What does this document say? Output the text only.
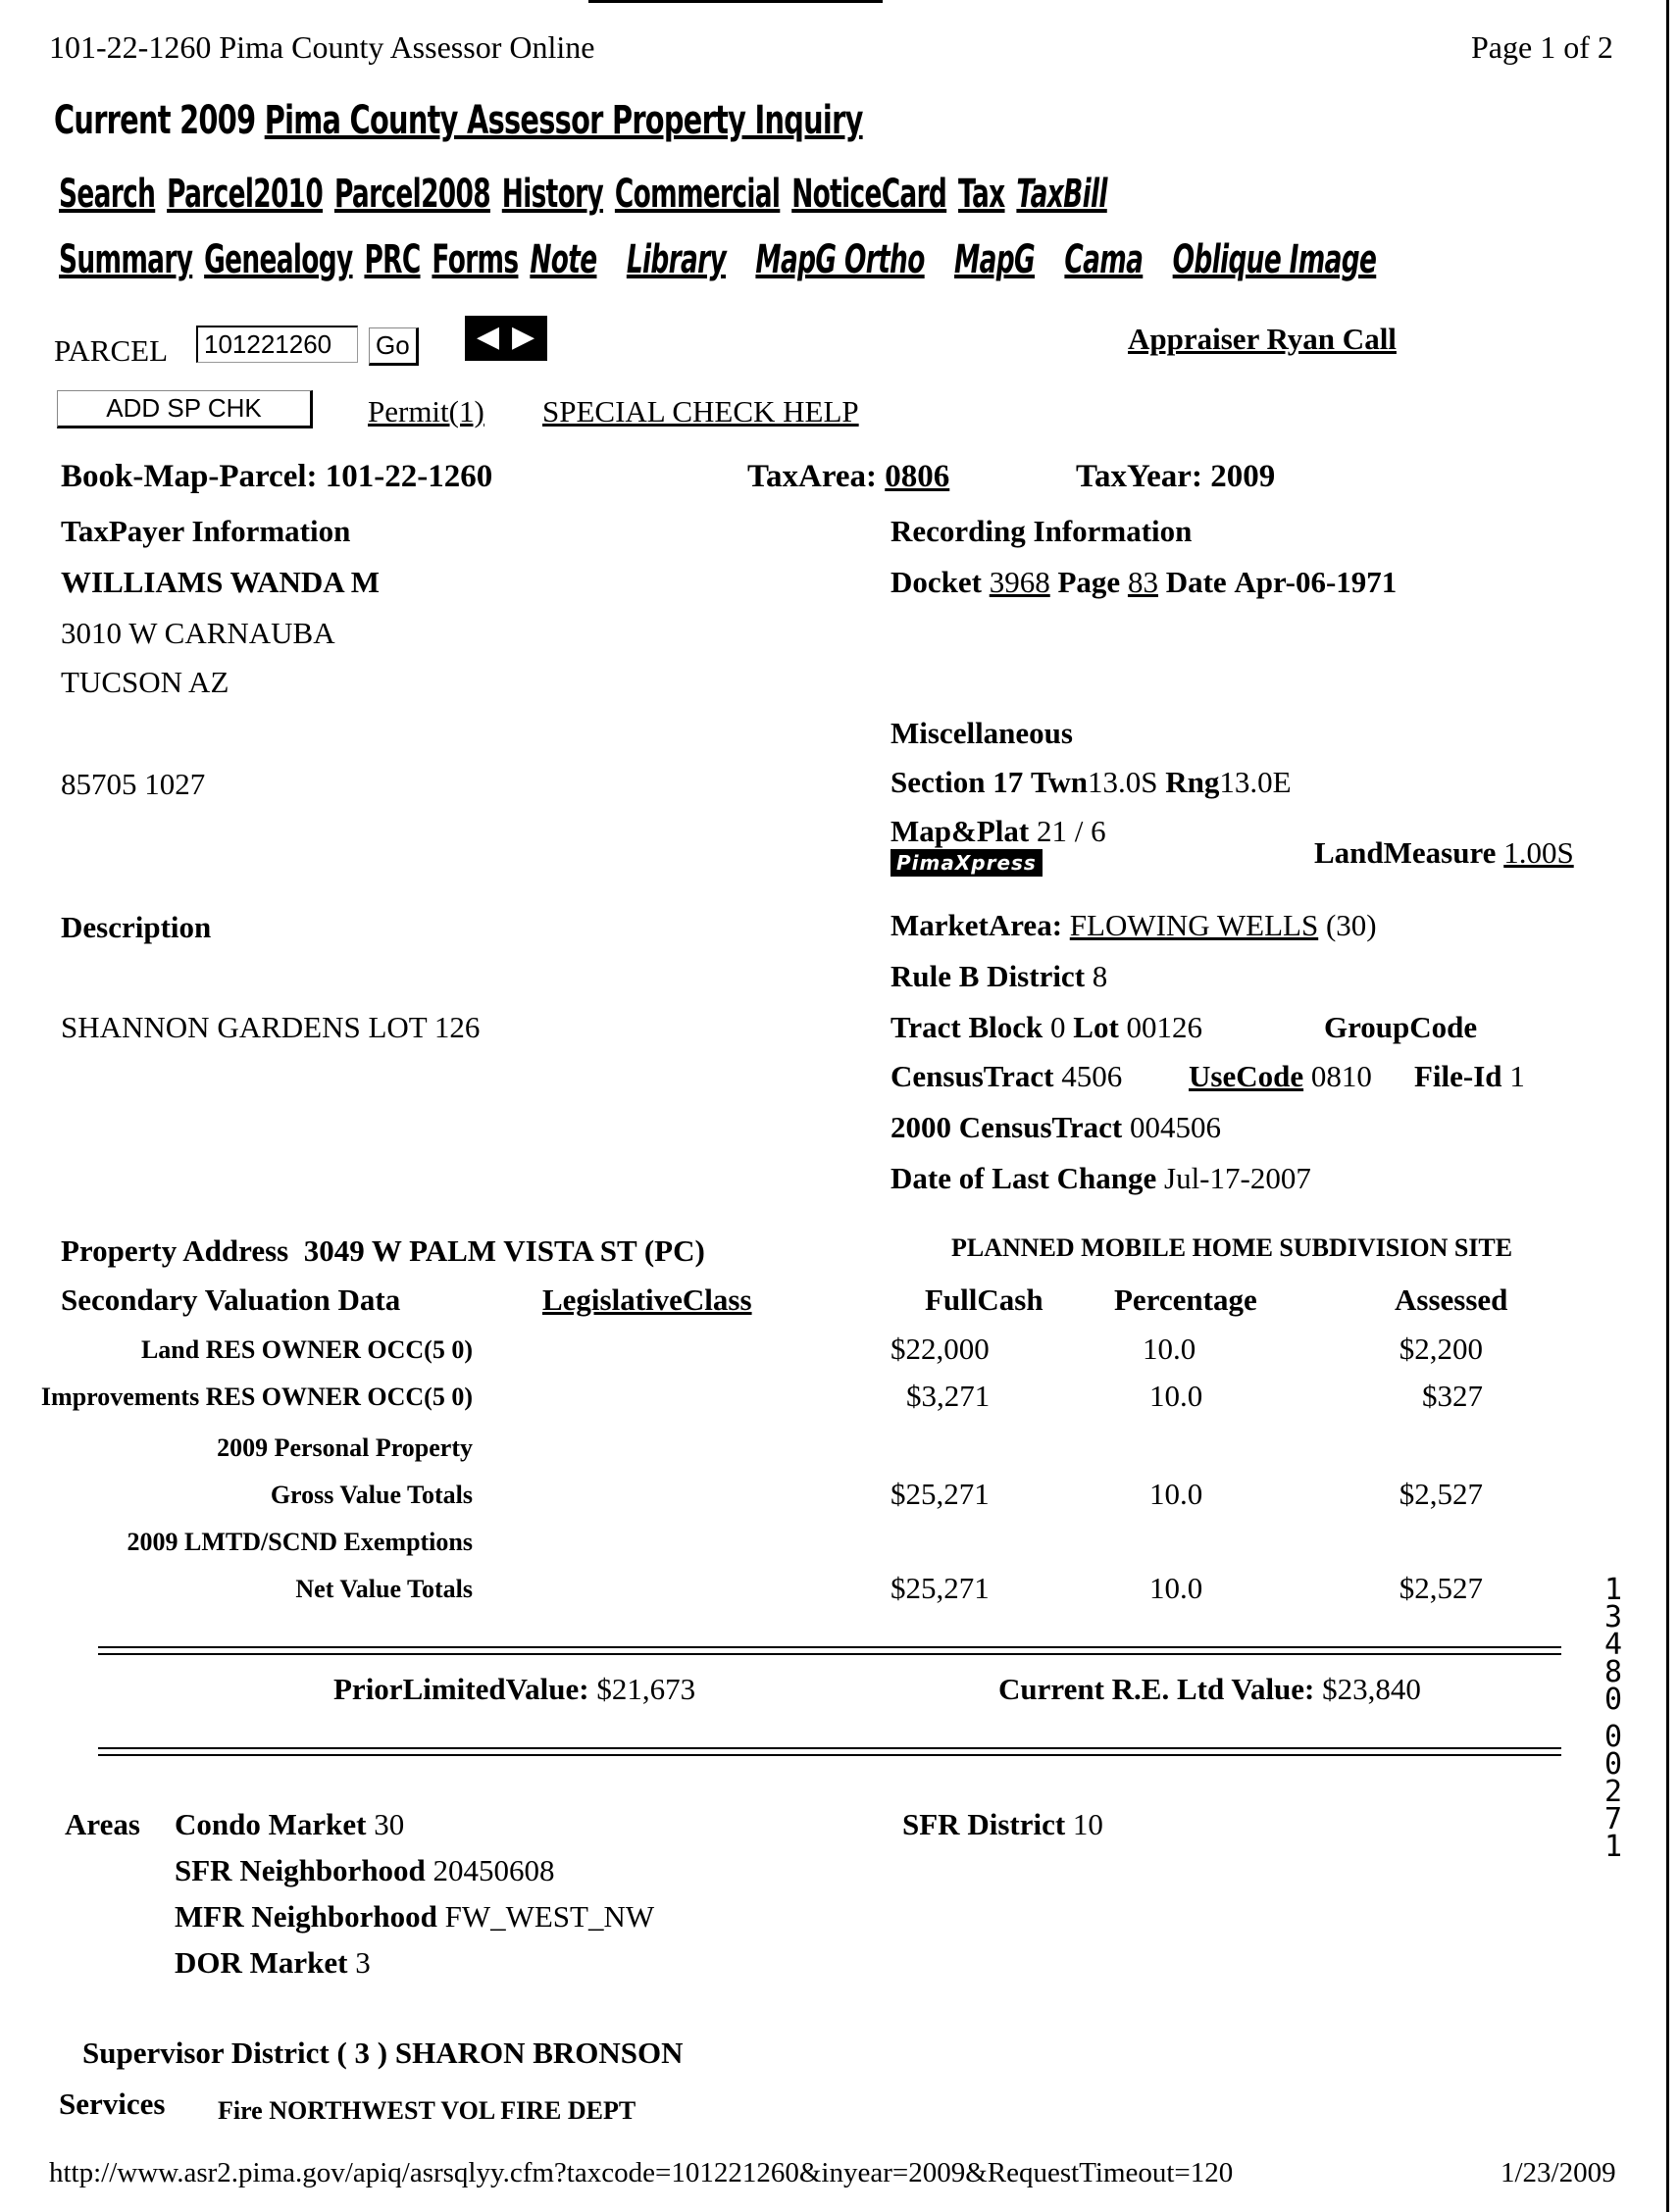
101-22-1260 Pima County Assessor Online	Page 1 of 2
Current 2009 Pima County Assessor Property Inquiry
Search Parcel2010 Parcel2008 History Commercial NoticeCard Tax TaxBill
Summary Genealogy PRC Forms Note Library MapG Ortho MapG Cama Oblique Image
PARCEL	101221260	Go	◀ ▶	Appraiser Ryan Call
ADD SP CHK	Permit(1) SPECIAL CHECK HELP
Book-Map-Parcel: 101-22-1260	TaxArea: 0806	TaxYear: 2009
TaxPayer Information
WILLIAMS WANDA M
3010 W CARNAUBA
TUCSON AZ
85705 1027
Recording Information
Docket 3968 Page 83 Date Apr-06-1971
Miscellaneous
Section 17 Twn13.0S Rng13.0E
Map&Plat 21 / 6
PimaXpress	LandMeasure 1.00S
Description
SHANNON GARDENS LOT 126
MarketArea: FLOWING WELLS (30)
Rule B District 8
Tract Block 0 Lot 00126	GroupCode
CensusTract 4506 UseCode 0810 File-Id 1
2000 CensusTract 004506
Date of Last Change Jul-17-2007
Property Address 3049 W PALM VISTA ST (PC)	PLANNED MOBILE HOME SUBDIVISION SITE
Secondary Valuation Data	LegislativeClass	FullCash Percentage	Assessed
Land RES OWNER OCC(5 0)	$22,000	10.0	$2,200
Improvements RES OWNER OCC(5 0)	$3,271	10.0	$327
2009 Personal Property
Gross Value Totals	$25,271	10.0	$2,527
2009 LMTD/SCND Exemptions
Net Value Totals	$25,271	10.0	$2,527
PriorLimitedValue: $21,673	Current R.E. Ltd Value: $23,840
Areas Condo Market 30	SFR District 10
SFR Neighborhood 20450608
MFR Neighborhood FW_WEST_NW
DOR Market 3
Supervisor District ( 3 ) SHARON BRONSON
Services Fire NORTHWEST VOL FIRE DEPT
http://www.asr2.pima.gov/apiq/asrsqlyy.cfm?taxcode=101221260&inyear=2009&RequestTimeout=120	1/23/2009
13480
00271
